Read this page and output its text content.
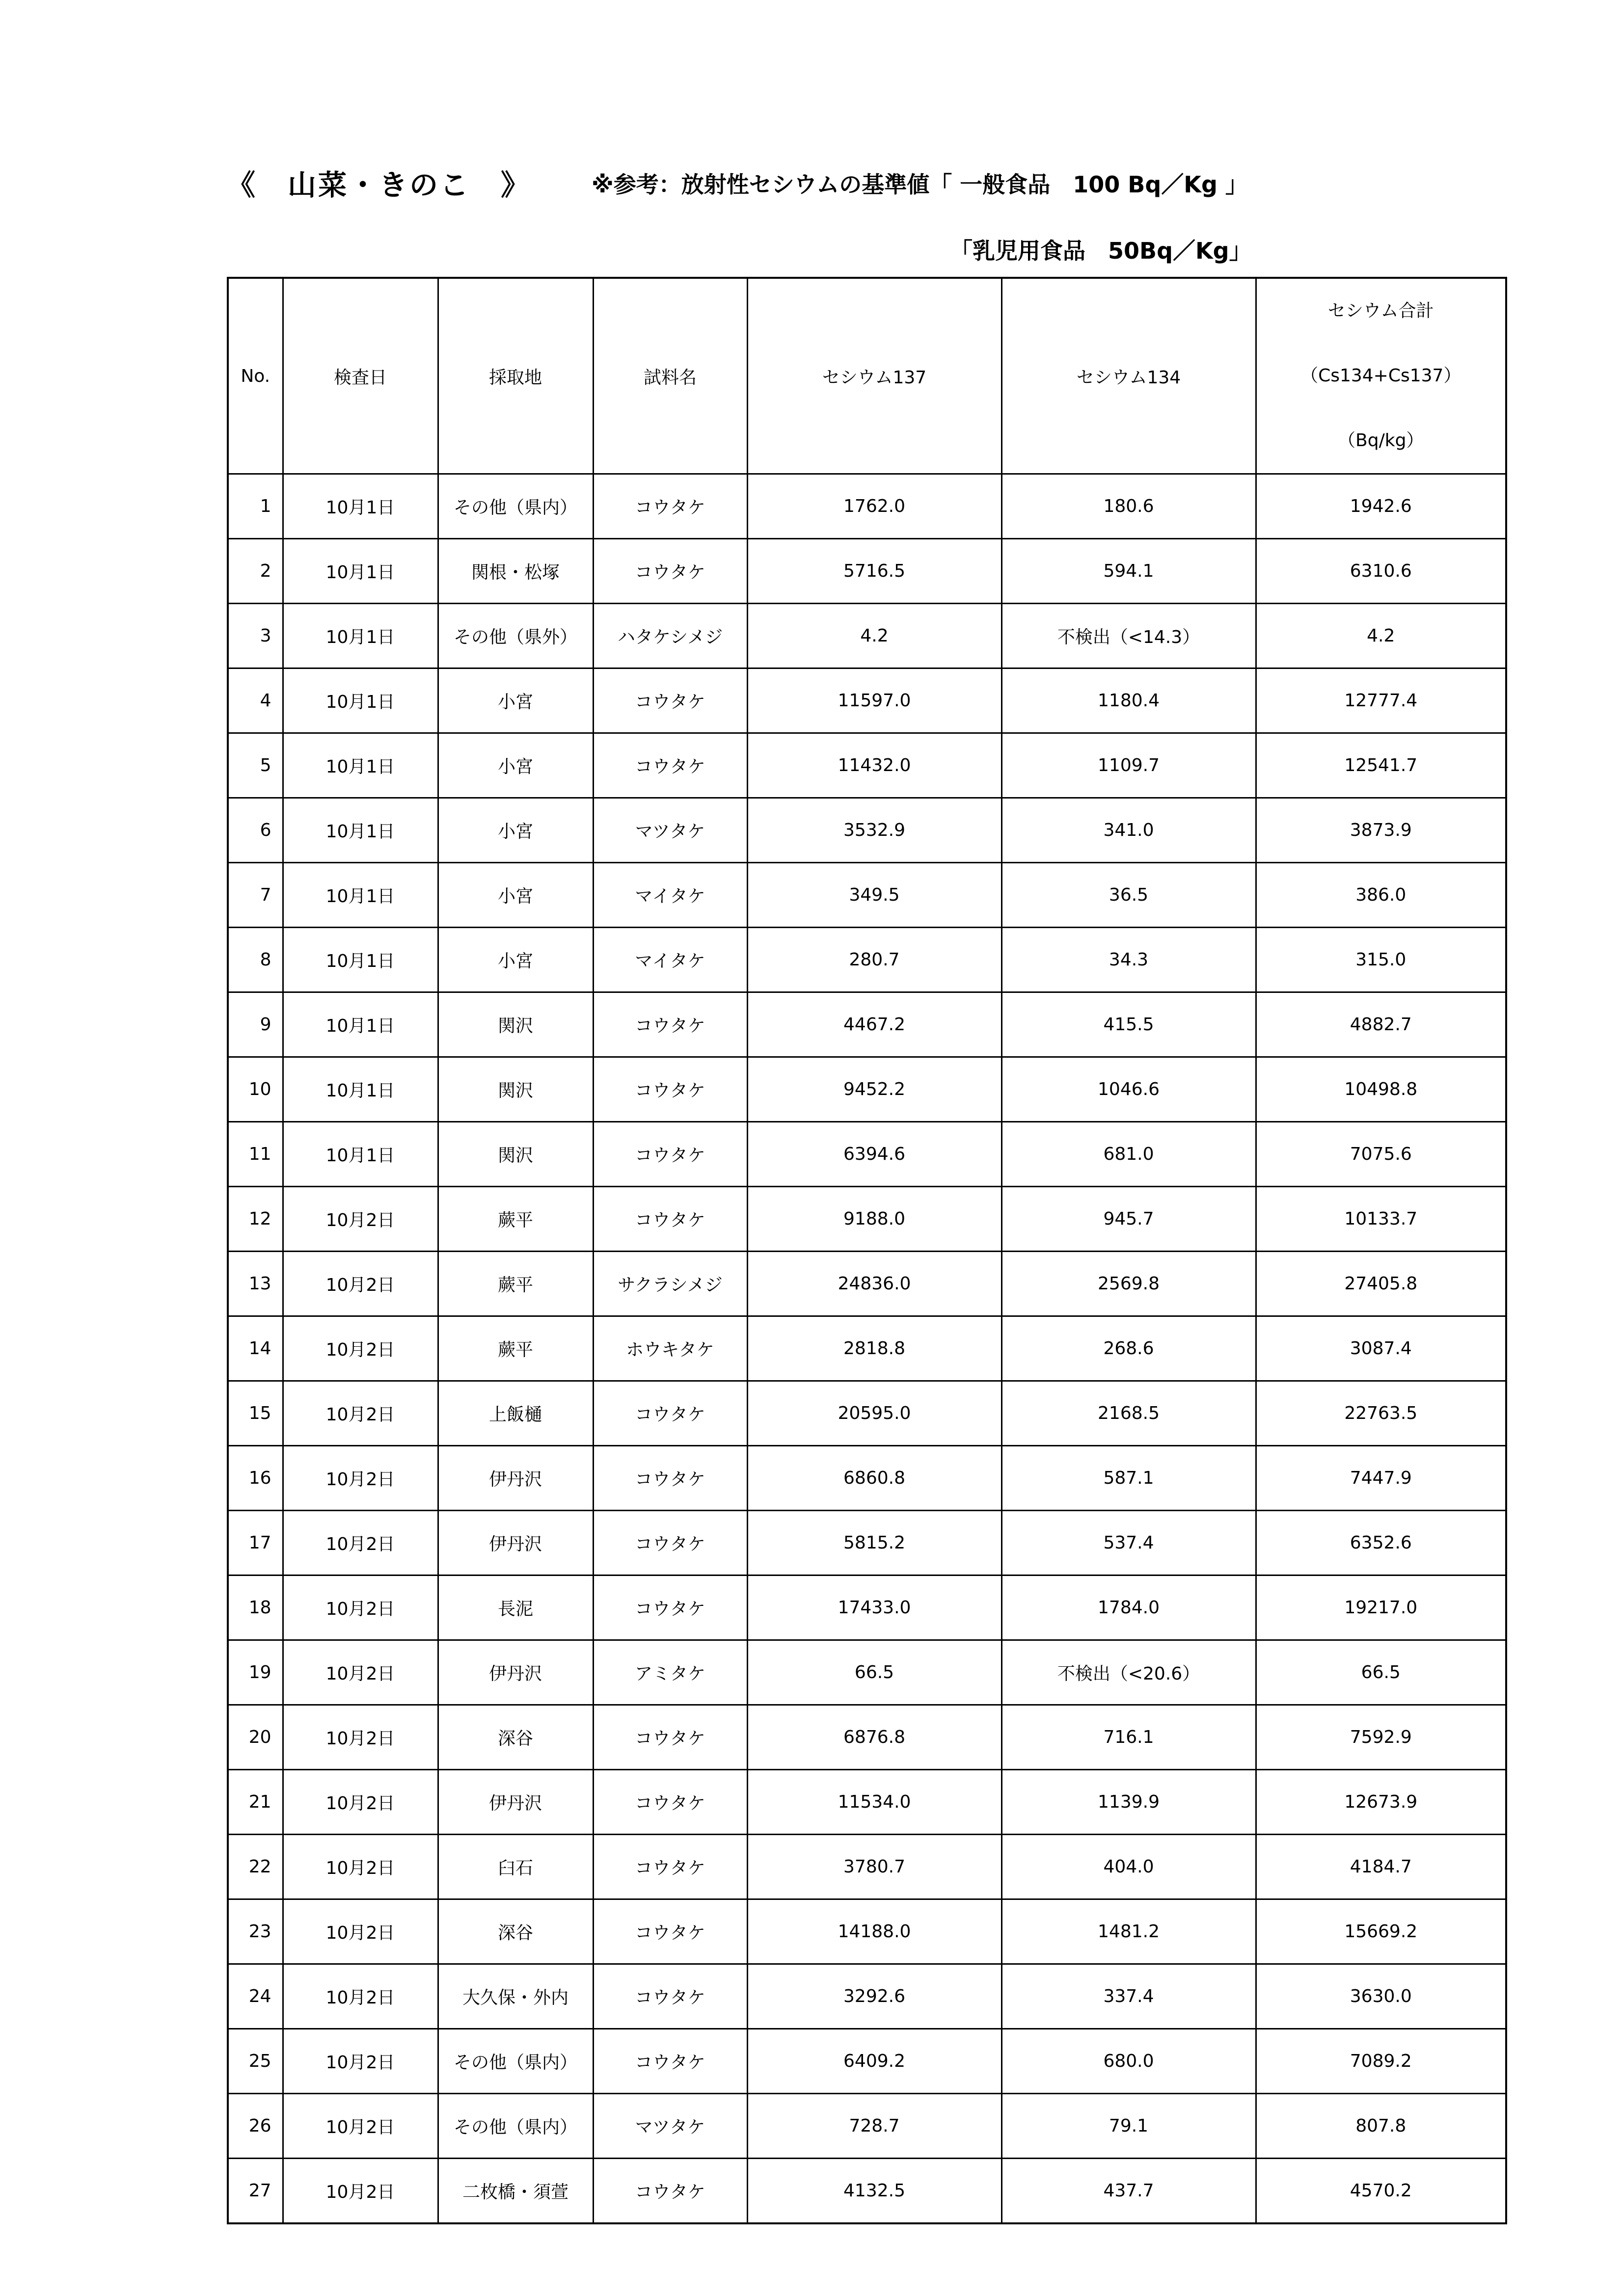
《　山菜・きのこ　》	※参考：放射性セシウムの基準値「 一般食品　100 Bq／Kg 」
「乳児用食品　50Bq／Kg」
No.	検査日	採取地	試料名	セシウム137	セシウム134	セシウム合計
（Cs134+Cs137）
（Bq/kg）

1	10月1日	その他（県内）	コウタケ	1762.0	180.6	1942.6
2	10月1日	関根・松塚	コウタケ	5716.5	594.1	6310.6
3	10月1日	その他（県外）	ハタケシメジ	4.2	不検出（<14.3）	4.2
4	10月1日	小宮	コウタケ	11597.0	1180.4	12777.4
5	10月1日	小宮	コウタケ	11432.0	1109.7	12541.7
6	10月1日	小宮	マツタケ	3532.9	341.0	3873.9
7	10月1日	小宮	マイタケ	349.5	36.5	386.0
8	10月1日	小宮	マイタケ	280.7	34.3	315.0
9	10月1日	関沢	コウタケ	4467.2	415.5	4882.7
10	10月1日	関沢	コウタケ	9452.2	1046.6	10498.8
11	10月1日	関沢	コウタケ	6394.6	681.0	7075.6
12	10月2日	蕨平	コウタケ	9188.0	945.7	10133.7
13	10月2日	蕨平	サクラシメジ	24836.0	2569.8	27405.8
14	10月2日	蕨平	ホウキタケ	2818.8	268.6	3087.4
15	10月2日	上飯樋	コウタケ	20595.0	2168.5	22763.5
16	10月2日	伊丹沢	コウタケ	6860.8	587.1	7447.9
17	10月2日	伊丹沢	コウタケ	5815.2	537.4	6352.6
18	10月2日	長泥	コウタケ	17433.0	1784.0	19217.0
19	10月2日	伊丹沢	アミタケ	66.5	不検出（<20.6）	66.5
20	10月2日	深谷	コウタケ	6876.8	716.1	7592.9
21	10月2日	伊丹沢	コウタケ	11534.0	1139.9	12673.9
22	10月2日	臼石	コウタケ	3780.7	404.0	4184.7
23	10月2日	深谷	コウタケ	14188.0	1481.2	15669.2
24	10月2日	大久保・外内	コウタケ	3292.6	337.4	3630.0
25	10月2日	その他（県内）	コウタケ	6409.2	680.0	7089.2
26	10月2日	その他（県内）	マツタケ	728.7	79.1	807.8
27	10月2日	二枚橋・須萱	コウタケ	4132.5	437.7	4570.2
